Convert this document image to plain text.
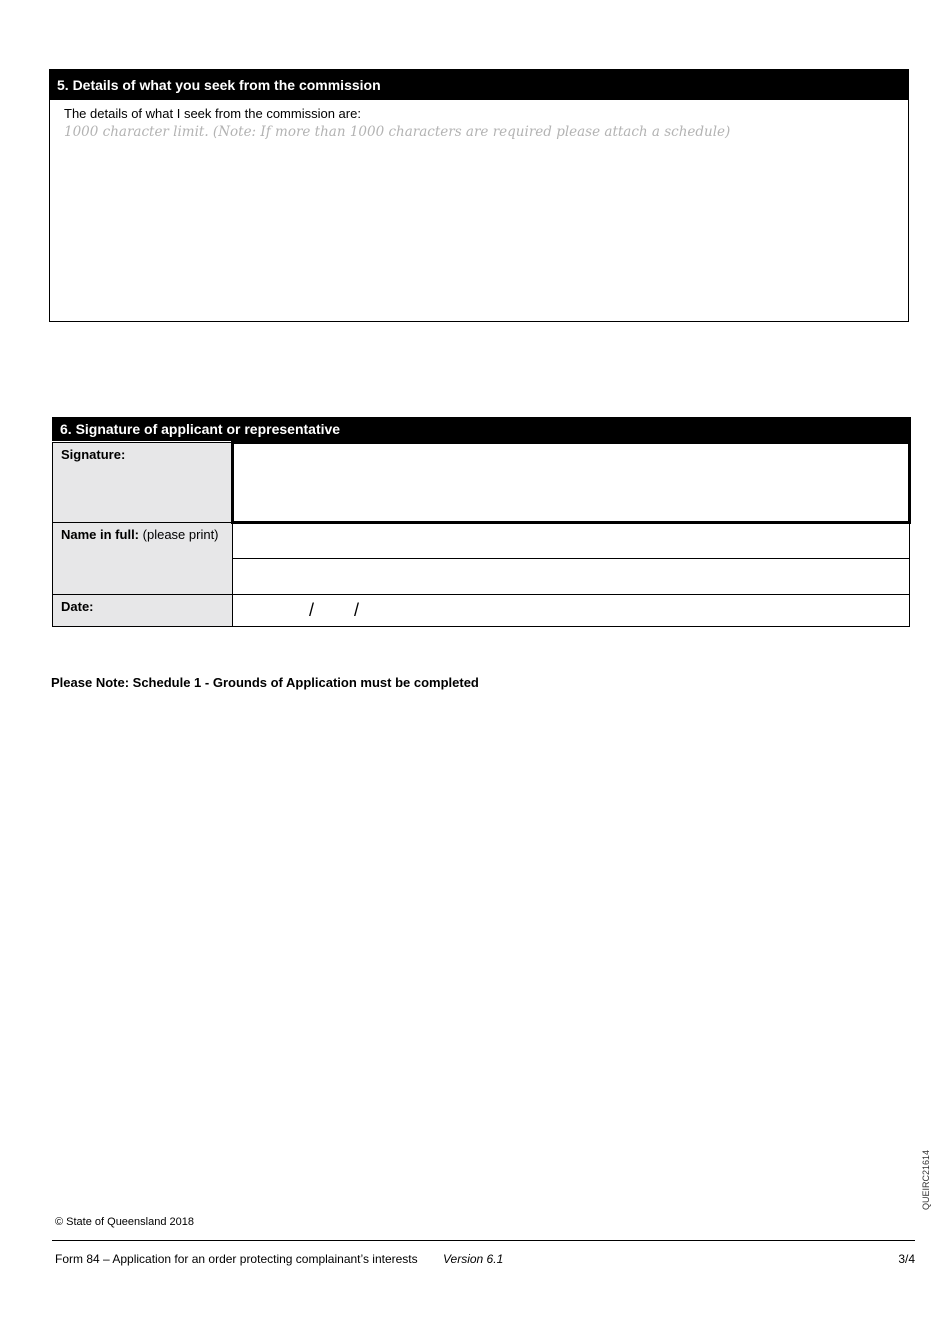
5. Details of what you seek from the commission
The details of what I seek from the commission are:
1000 character limit. (Note: If more than 1000 characters are required please attach a schedule)
6. Signature of applicant or representative
Signature:	
Name in full: (please print)	

Date:	/ /
Please Note: Schedule 1 - Grounds of Application must be completed
QUEIRC21614
© State of Queensland 2018
Form 84 – Application for an order protecting complainant’s interests Version 6.1	3/4
